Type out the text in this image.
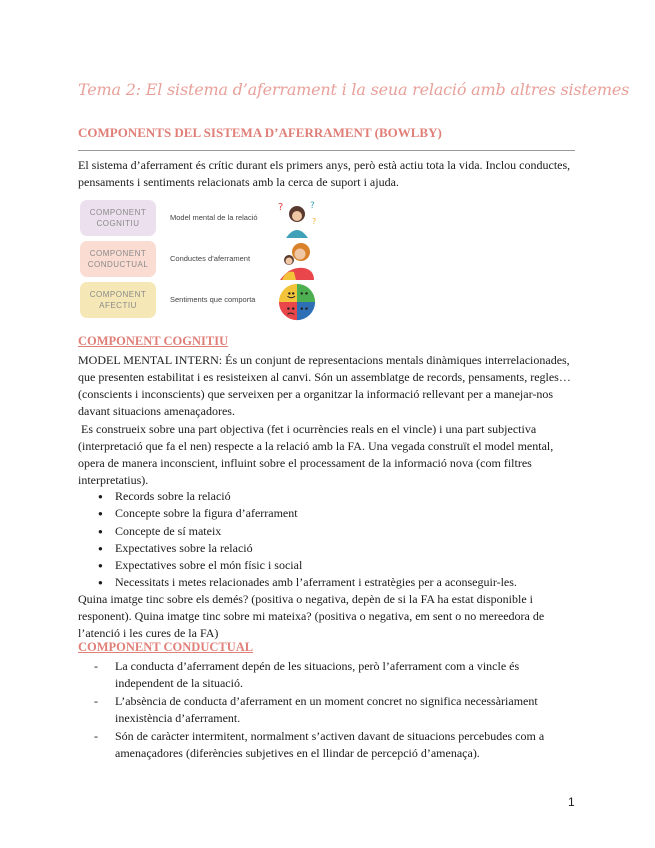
Tema 2: El sistema d’aferrament i la seua relació amb altres sistemes
COMPONENTS DEL SISTEMA D’AFERRAMENT (BOWLBY)
El sistema d’aferrament és crític durant els primers anys, però està actiu tota la vida. Inclou conductes, pensaments i sentiments relacionats amb la cerca de suport i ajuda.
COMPONENT COGNITIU
Model mental de la relació
?	?
?
COMPONENT CONDUCTUAL
Conductes d’aferrament
COMPONENT AFECTIU
Sentiments que comporta
COMPONENT COGNITIU
MODEL MENTAL INTERN: És un conjunt de representacions mentals dinàmiques interrelacionades, que presenten estabilitat i es resisteixen al canvi. Són un assemblatge de records, pensaments, regles… (conscients i inconscients) que serveixen per a organitzar la informació rellevant per a manejar-nos davant situacions amenaçadores.
Es construeix sobre una part objectiva (fet i ocurrències reals en el vincle) i una part subjectiva (interpretació que fa el nen) respecte a la relació amb la FA. Una vegada construït el model mental, opera de manera inconscient, influint sobre el processament de la informació nova (com filtres interpretatius).
● Records sobre la relació
● Concepte sobre la figura d’aferrament
● Concepte de sí mateix
● Expectatives sobre la relació
● Expectatives sobre el món físic i social
● Necessitats i metes relacionades amb l’aferrament i estratègies per a aconseguir-les.
Quina imatge tinc sobre els demés? (positiva o negativa, depèn de si la FA ha estat disponible i responent). Quina imatge tinc sobre mi mateixa? (positiva o negativa, em sent o no mereedora de l’atenció i les cures de la FA)
COMPONENT CONDUCTUAL
- La conducta d’aferrament depén de les situacions, però l’aferrament com a vincle és independent de la situació.
- L’absència de conducta d’aferrament en un moment concret no significa necessàriament inexistència d’aferrament.
- Són de caràcter intermitent, normalment s’activen davant de situacions percebudes com a amenaçadores (diferències subjetives en el llindar de percepció d’amenaça).
1
